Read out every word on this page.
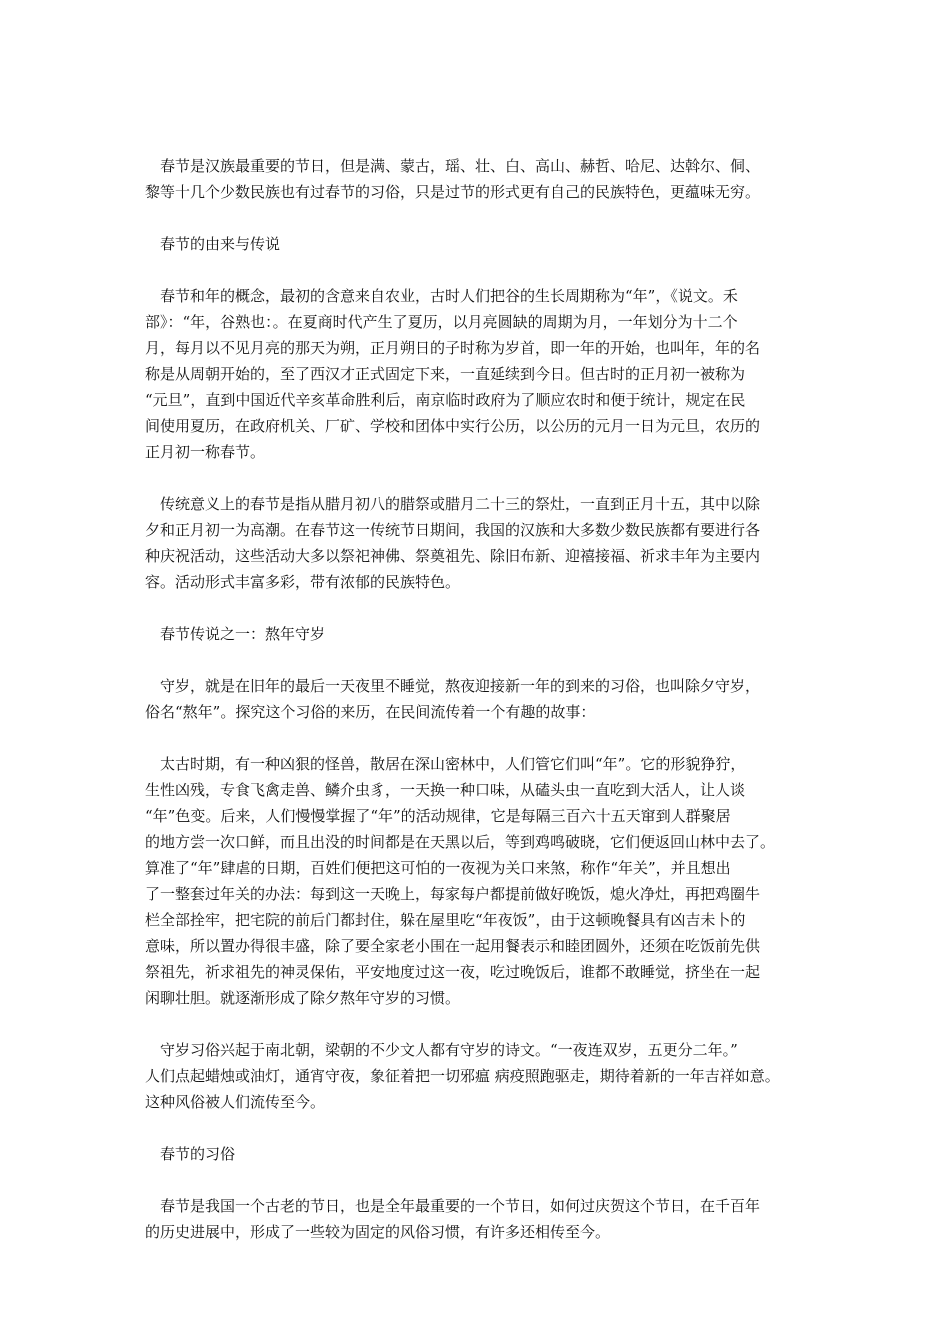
春节是汉族最重要的节日，但是满、蒙古，瑶、壮、白、高山、赫哲、哈尼、达斡尔、侗、
黎等十几个少数民族也有过春节的习俗，只是过节的形式更有自己的民族特色，更蕴味无穷。
春节的由来与传说
春节和年的概念，最初的含意来自农业，古时人们把谷的生长周期称为“年”，《说文。禾
部》：“年，谷熟也：。在夏商时代产生了夏历，以月亮圆缺的周期为月，一年划分为十二个
月，每月以不见月亮的那天为朔，正月朔日的子时称为岁首，即一年的开始，也叫年，年的名
称是从周朝开始的，至了西汉才正式固定下来，一直延续到今日。但古时的正月初一被称为
“元旦”，直到中国近代辛亥革命胜利后，南京临时政府为了顺应农时和便于统计，规定在民
间使用夏历，在政府机关、厂矿、学校和团体中实行公历，以公历的元月一日为元旦，农历的
正月初一称春节。
传统意义上的春节是指从腊月初八的腊祭或腊月二十三的祭灶，一直到正月十五，其中以除
夕和正月初一为高潮。在春节这一传统节日期间，我国的汉族和大多数少数民族都有要进行各
种庆祝活动，这些活动大多以祭祀神佛、祭奠祖先、除旧布新、迎禧接福、祈求丰年为主要内
容。活动形式丰富多彩，带有浓郁的民族特色。
春节传说之一：熬年守岁
守岁，就是在旧年的最后一天夜里不睡觉，熬夜迎接新一年的到来的习俗，也叫除夕守岁，
俗名“熬年”。探究这个习俗的来历，在民间流传着一个有趣的故事：
太古时期，有一种凶狠的怪兽，散居在深山密林中，人们管它们叫“年”。它的形貌狰狞，
生性凶残，专食飞禽走兽、鳞介虫豸，一天换一种口味，从磕头虫一直吃到大活人，让人谈
“年”色变。后来，人们慢慢掌握了“年”的活动规律，它是每隔三百六十五天窜到人群聚居
的地方尝一次口鲜，而且出没的时间都是在天黑以后，等到鸡鸣破晓，它们便返回山林中去了。
算准了“年”肆虐的日期，百姓们便把这可怕的一夜视为关口来煞，称作“年关”，并且想出
了一整套过年关的办法：每到这一天晚上，每家每户都提前做好晚饭，熄火净灶，再把鸡圈牛
栏全部拴牢，把宅院的前后门都封住，躲在屋里吃“年夜饭”，由于这顿晚餐具有凶吉未卜的
意味，所以置办得很丰盛，除了要全家老小围在一起用餐表示和睦团圆外，还须在吃饭前先供
祭祖先，祈求祖先的神灵保佑，平安地度过这一夜，吃过晚饭后，谁都不敢睡觉，挤坐在一起
闲聊壮胆。就逐渐形成了除夕熬年守岁的习惯。
守岁习俗兴起于南北朝，梁朝的不少文人都有守岁的诗文。“一夜连双岁，五更分二年。”
人们点起蜡烛或油灯，通宵守夜，象征着把一切邪瘟 病疫照跑驱走，期待着新的一年吉祥如意。
这种风俗被人们流传至今。
春节的习俗
春节是我国一个古老的节日，也是全年最重要的一个节日，如何过庆贺这个节日，在千百年
的历史进展中，形成了一些较为固定的风俗习惯，有许多还相传至今。
